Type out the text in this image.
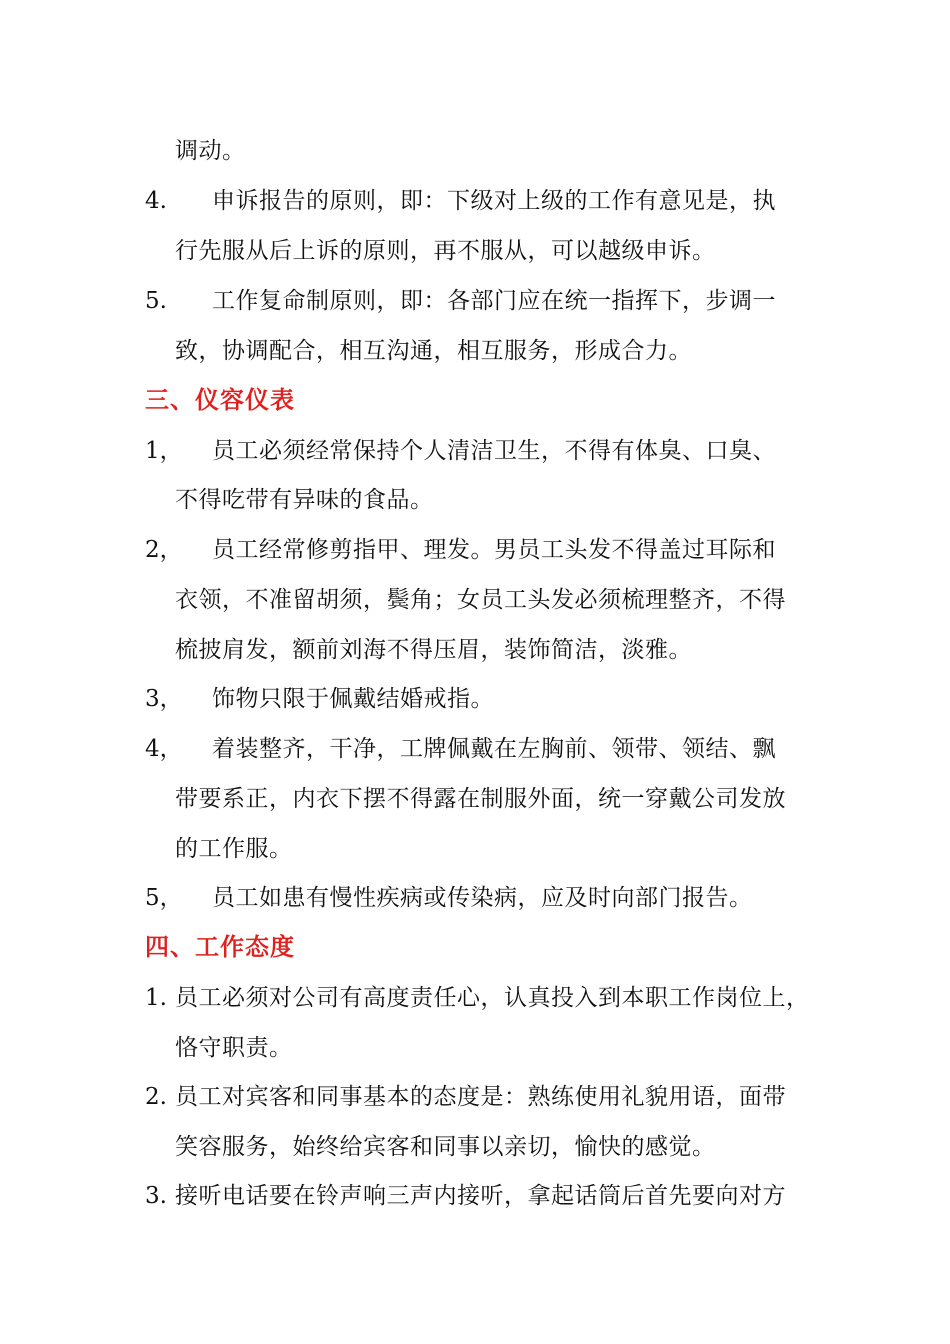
调动。
4. 申诉报告的原则，即：下级对上级的工作有意见是，执
行先服从后上诉的原则，再不服从，可以越级申诉。
5. 工作复命制原则，即：各部门应在统一指挥下，步调一
致，协调配合，相互沟通，相互服务，形成合力。
三、仪容仪表
1， 员工必须经常保持个人清洁卫生，不得有体臭、口臭、
不得吃带有异味的食品。
2， 员工经常修剪指甲、理发。男员工头发不得盖过耳际和
衣领，不准留胡须，鬓角；女员工头发必须梳理整齐，不得
梳披肩发，额前刘海不得压眉，装饰简洁，淡雅。
3， 饰物只限于佩戴结婚戒指。
4， 着装整齐，干净，工牌佩戴在左胸前、领带、领结、飘
带要系正，内衣下摆不得露在制服外面，统一穿戴公司发放
的工作服。
5， 员工如患有慢性疾病或传染病，应及时向部门报告。
四、工作态度
1. 员工必须对公司有高度责任心，认真投入到本职工作岗位上，
恪守职责。
2. 员工对宾客和同事基本的态度是：熟练使用礼貌用语，面带
笑容服务，始终给宾客和同事以亲切，愉快的感觉。
3. 接听电话要在铃声响三声内接听，拿起话筒后首先要向对方
